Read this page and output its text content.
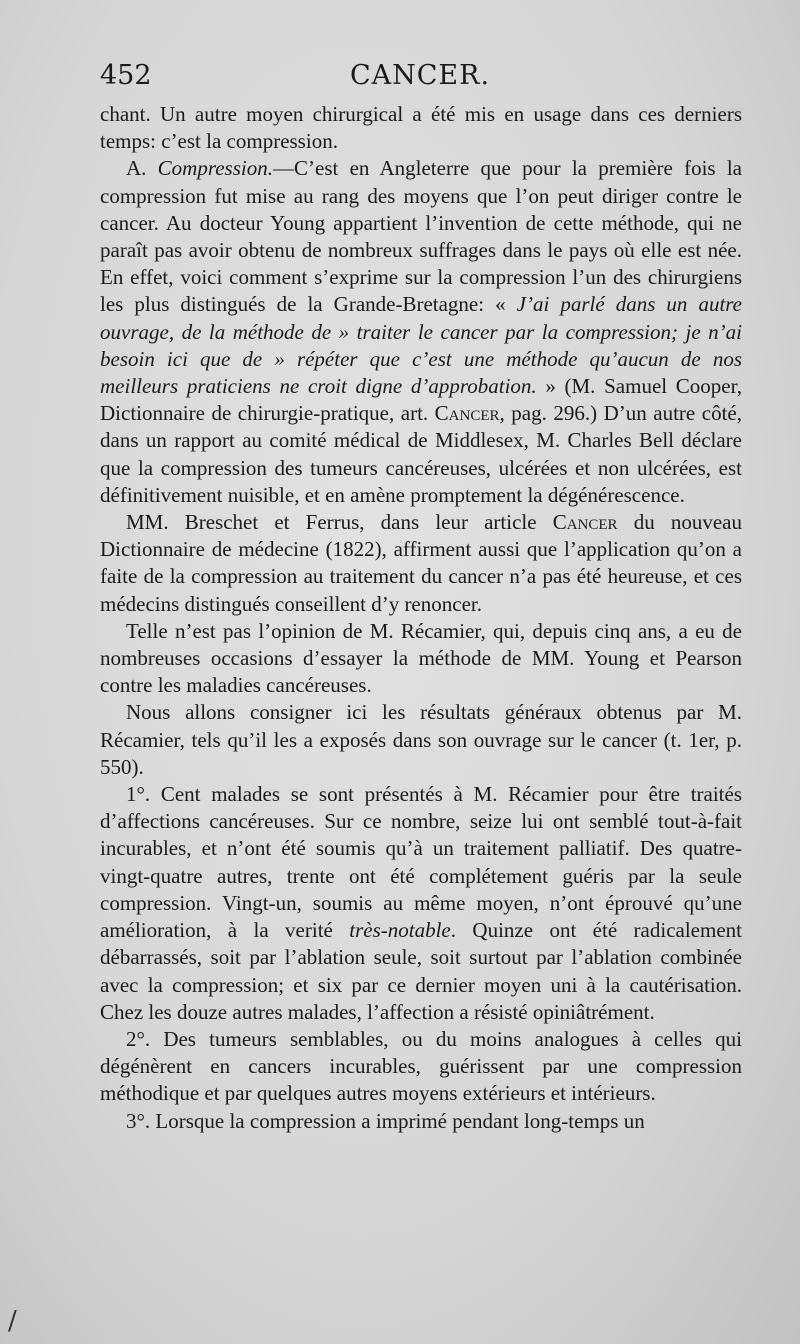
452	CANCER.

chant. Un autre moyen chirurgical a été mis en usage dans ces derniers temps: c’est la compression.

A. Compression.—C’est en Angleterre que pour la première fois la compression fut mise au rang des moyens que l’on peut diriger contre le cancer. Au docteur Young appartient l’invention de cette méthode, qui ne paraît pas avoir obtenu de nombreux suffrages dans le pays où elle est née. En effet, voici comment s’exprime sur la compression l’un des chirurgiens les plus distingués de la Grande-Bretagne: « J’ai parlé dans un autre ouvrage, de la méthode de » traiter le cancer par la compression; je n’ai besoin ici que de » répéter que c’est une méthode qu’aucun de nos meilleurs praticiens ne croit digne d’approbation. » (M. Samuel Cooper, Dictionnaire de chirurgie-pratique, art. Cancer, pag. 296.) D’un autre côté, dans un rapport au comité médical de Middlesex, M. Charles Bell déclare que la compression des tumeurs cancéreuses, ulcérées et non ulcérées, est définitivement nuisible, et en amène promptement la dégénérescence.

MM. Breschet et Ferrus, dans leur article Cancer du nouveau Dictionnaire de médecine (1822), affirment aussi que l’application qu’on a faite de la compression au traitement du cancer n’a pas été heureuse, et ces médecins distingués conseillent d’y renoncer.

Telle n’est pas l’opinion de M. Récamier, qui, depuis cinq ans, a eu de nombreuses occasions d’essayer la méthode de MM. Young et Pearson contre les maladies cancéreuses.

Nous allons consigner ici les résultats généraux obtenus par M. Récamier, tels qu’il les a exposés dans son ouvrage sur le cancer (t. 1er, p. 550).

1°. Cent malades se sont présentés à M. Récamier pour être traités d’affections cancéreuses. Sur ce nombre, seize lui ont semblé tout-à-fait incurables, et n’ont été soumis qu’à un traitement palliatif. Des quatre-vingt-quatre autres, trente ont été complétement guéris par la seule compression. Vingt-un, soumis au même moyen, n’ont éprouvé qu’une amélioration, à la verité très-notable. Quinze ont été radicalement débarrassés, soit par l’ablation seule, soit surtout par l’ablation combinée avec la compression; et six par ce dernier moyen uni à la cautérisation. Chez les douze autres malades, l’affection a résisté opiniâtrément.

2°. Des tumeurs semblables, ou du moins analogues à celles qui dégénèrent en cancers incurables, guérissent par une compression méthodique et par quelques autres moyens extérieurs et intérieurs.

3°. Lorsque la compression a imprimé pendant long-temps un

/
